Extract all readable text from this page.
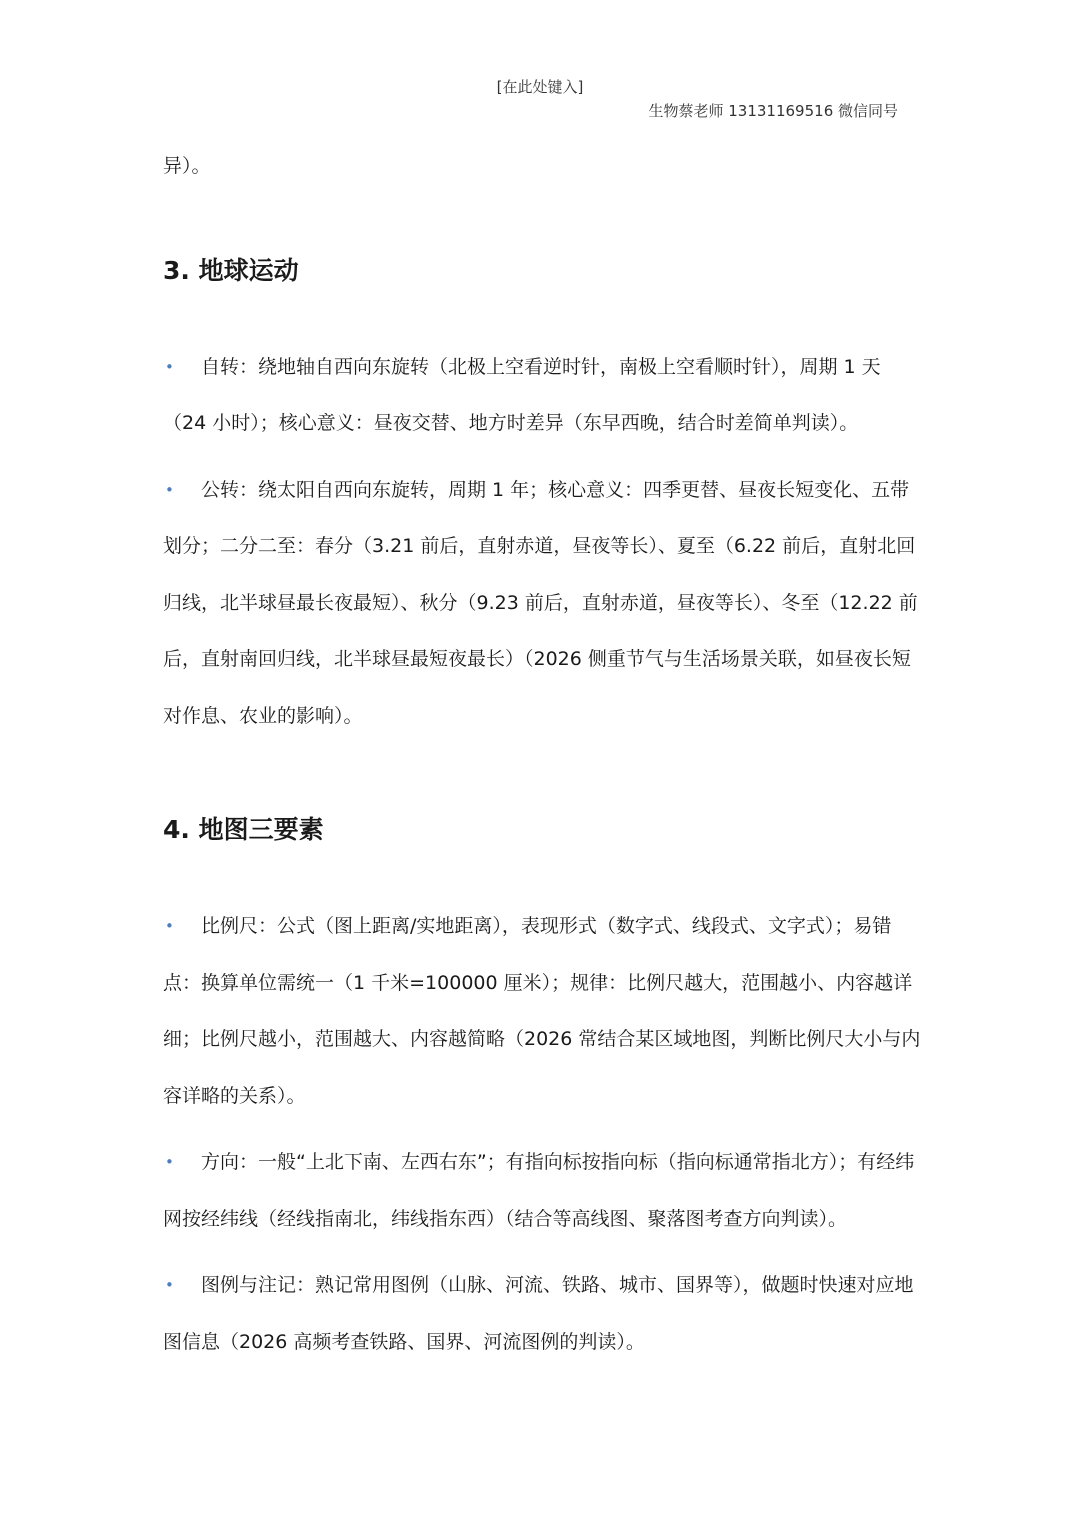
[在此处键入]
生物蔡老师 13131169516 微信同号

异）。

3. 地球运动

• 自转：绕地轴自西向东旋转（北极上空看逆时针，南极上空看顺时针），周期 1 天（24 小时）；核心意义：昼夜交替、地方时差异（东早西晚，结合时差简单判读）。

• 公转：绕太阳自西向东旋转，周期 1 年；核心意义：四季更替、昼夜长短变化、五带划分；二分二至：春分（3.21 前后，直射赤道，昼夜等长）、夏至（6.22 前后，直射北回归线，北半球昼最长夜最短）、秋分（9.23 前后，直射赤道，昼夜等长）、冬至（12.22 前后，直射南回归线，北半球昼最短夜最长）（2026 侧重节气与生活场景关联，如昼夜长短对作息、农业的影响）。

4. 地图三要素

• 比例尺：公式（图上距离/实地距离），表现形式（数字式、线段式、文字式）；易错点：换算单位需统一（1 千米=100000 厘米）；规律：比例尺越大，范围越小、内容越详细；比例尺越小，范围越大、内容越简略（2026 常结合某区域地图，判断比例尺大小与内容详略的关系）。

• 方向：一般“上北下南、左西右东”；有指向标按指向标（指向标通常指北方）；有经纬网按经纬线（经线指南北，纬线指东西）（结合等高线图、聚落图考查方向判读）。

• 图例与注记：熟记常用图例（山脉、河流、铁路、城市、国界等），做题时快速对应地图信息（2026 高频考查铁路、国界、河流图例的判读）。
